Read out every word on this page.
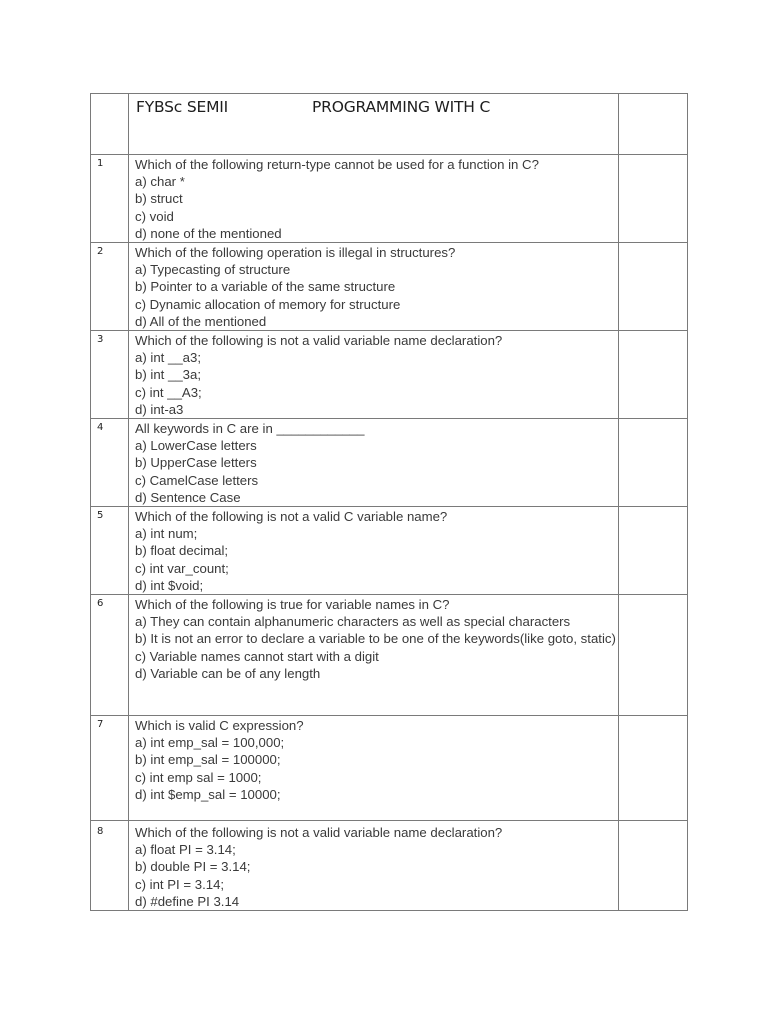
	FYBSc SEMII PROGRAMMING WITH C	

1	Which of the following return-type cannot be used for a function in C?
a) char *
b) struct
c) void
d) none of the mentioned	

2	Which of the following operation is illegal in structures?
a) Typecasting of structure
b) Pointer to a variable of the same structure
c) Dynamic allocation of memory for structure
d) All of the mentioned	

3	Which of the following is not a valid variable name declaration?
a) int __a3;
b) int __3a;
c) int __A3;
d) int-a3	

4	All keywords in C are in ____________
a) LowerCase letters
b) UpperCase letters
c) CamelCase letters
d) Sentence Case	

5	Which of the following is not a valid C variable name?
a) int num;
b) float decimal;
c) int var_count;
d) int $void;	

6	Which of the following is true for variable names in C?
a) They can contain alphanumeric characters as well as special characters
b) It is not an error to declare a variable to be one of the keywords(like goto, static)
c) Variable names cannot start with a digit
d) Variable can be of any length	

7	Which is valid C expression?
a) int emp_sal = 100,000;
b) int emp_sal = 100000;
c) int emp sal = 1000;
d) int $emp_sal = 10000;	

8	Which of the following is not a valid variable name declaration?
a) float PI = 3.14;
b) double PI = 3.14;
c) int PI = 3.14;
d) #define PI 3.14	
